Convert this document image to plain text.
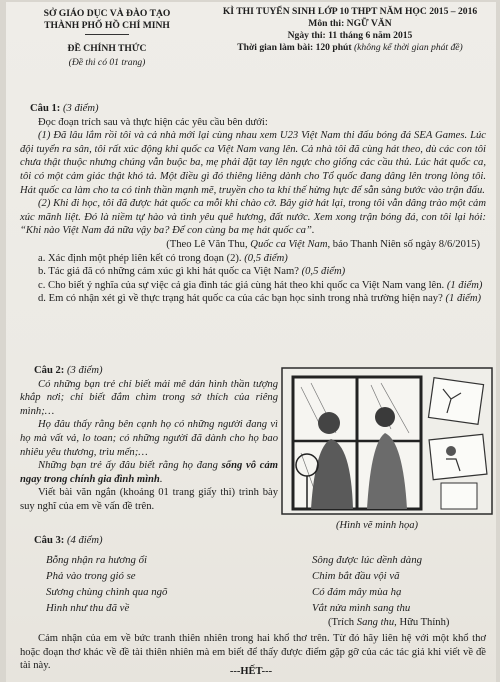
SỞ GIÁO DỤC VÀ ĐÀO TẠO
THÀNH PHỐ HỒ CHÍ MINH
ĐỀ CHÍNH THỨC
(Đề thi có 01 trang)
KÌ THI TUYỂN SINH LỚP 10 THPT NĂM HỌC 2015 – 2016
Môn thi: NGỮ VĂN
Ngày thi: 11 tháng 6 năm 2015
Thời gian làm bài: 120 phút (không kể thời gian phát đề)

Câu 1: (3 điểm)

Đọc đoạn trích sau và thực hiện các yêu cầu bên dưới:

(1) Đã lâu lắm rồi tôi và cả nhà mới lại cùng nhau xem U23 Việt Nam thi đấu bóng đá SEA Games. Lúc đội tuyển ra sân, tôi rất xúc động khi quốc ca Việt Nam vang lên. Cả nhà tôi đã cùng hát theo, dù các con tôi chưa thật thuộc nhưng chúng vẫn buộc ba, mẹ phải đặt tay lên ngực cho giống các cầu thủ. Lúc hát quốc ca, tôi có một cảm giác thật khó tả. Một điều gì đó thiêng liêng dành cho Tổ quốc đang dâng lên trong lòng tôi. Hát quốc ca làm cho ta có tinh thần mạnh mẽ, truyền cho ta khí thế hừng hực để sẵn sàng bước vào trận đấu.

(2) Khi đi học, tôi đã được hát quốc ca mỗi khi chào cờ. Bây giờ hát lại, trong tôi vẫn dâng trào một cảm xúc mãnh liệt. Đó là niềm tự hào và tình yêu quê hương, đất nước. Xem xong trận bóng đá, con tôi lại hỏi: “Khi nào Việt Nam đá nữa vậy ba? Để con cùng ba mẹ hát quốc ca”.

(Theo Lê Văn Thu, Quốc ca Việt Nam, báo Thanh Niên số ngày 8/6/2015)

a. Xác định một phép liên kết có trong đoạn (2). (0,5 điểm)

b. Tác giả đã có những cảm xúc gì khi hát quốc ca Việt Nam? (0,5 điểm)

c. Cho biết ý nghĩa của sự việc cả gia đình tác giả cùng hát theo khi quốc ca Việt Nam vang lên. (1 điểm)

d. Em có nhận xét gì về thực trạng hát quốc ca của các bạn học sinh trong nhà trường hiện nay? (1 điểm)

Câu 2: (3 điểm)

Có những bạn trẻ chỉ biết mải mê dán hình thần tượng khắp nơi; chỉ biết đắm chìm trong sở thích của riêng mình;…

Họ đâu thấy rằng bên cạnh họ có những người đang vì họ mà vất vả, lo toan; có những người đã dành cho họ bao nhiêu yêu thương, trìu mến;…

Những bạn trẻ ấy đâu biết rằng họ đang sống vô cảm ngay trong chính gia đình mình.

Viết bài văn ngắn (khoảng 01 trang giấy thi) trình bày suy nghĩ của em về vấn đề trên.

(Hình vẽ minh họa)

Câu 3: (4 điểm)

Bỗng nhận ra hương ổi
Phả vào trong gió se
Sương chùng chình qua ngõ
Hình như thu đã về
Sông được lúc dềnh dàng
Chim bắt đầu vội vã
Có đám mây mùa hạ
Vắt nửa mình sang thu
(Trích Sang thu, Hữu Thỉnh)

Cảm nhận của em về bức tranh thiên nhiên trong hai khổ thơ trên. Từ đó hãy liên hệ với một khổ thơ hoặc đoạn thơ khác về đề tài thiên nhiên mà em biết để thấy được điểm gặp gỡ của các tác giả khi viết về đề tài này.

---HẾT---
